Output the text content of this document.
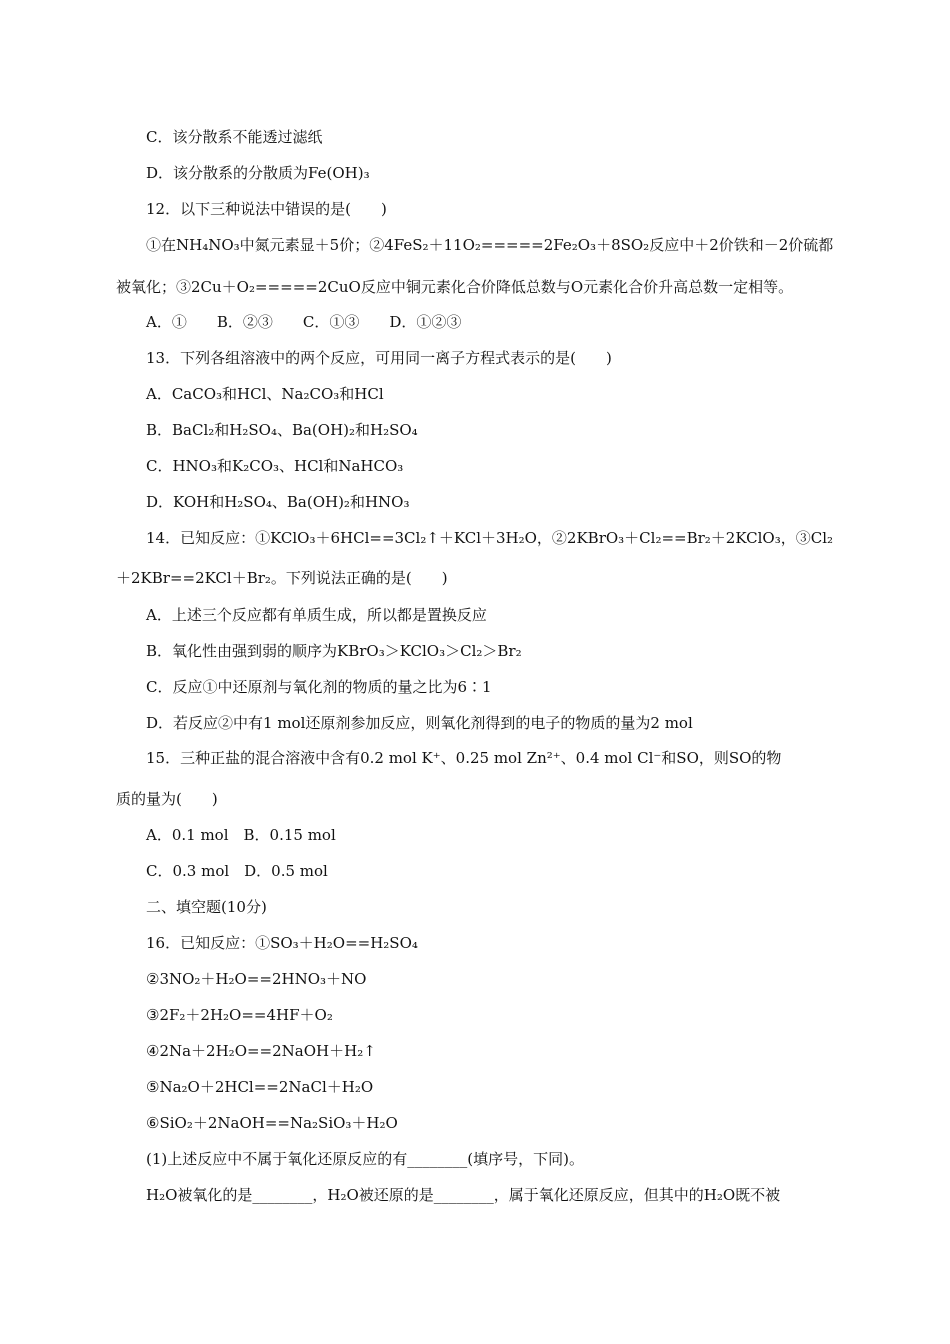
C．该分散系不能透过滤纸
D．该分散系的分散质为Fe(OH)₃
12．以下三种说法中错误的是(　　)
①在NH₄NO₃中氮元素显＋5价；②4FeS₂＋11O₂=====2Fe₂O₃＋8SO₂反应中＋2价铁和－2价硫都
被氧化；③2Cu＋O₂=====2CuO反应中铜元素化合价降低总数与O元素化合价升高总数一定相等。
A．①　　B．②③　　C．①③　　D．①②③
13．下列各组溶液中的两个反应，可用同一离子方程式表示的是(　　)
A．CaCO₃和HCl、Na₂CO₃和HCl
B．BaCl₂和H₂SO₄、Ba(OH)₂和H₂SO₄
C．HNO₃和K₂CO₃、HCl和NaHCO₃
D．KOH和H₂SO₄、Ba(OH)₂和HNO₃
14．已知反应：①KClO₃＋6HCl==3Cl₂↑＋KCl＋3H₂O，②2KBrO₃＋Cl₂==Br₂＋2KClO₃，③Cl₂
＋2KBr==2KCl＋Br₂。下列说法正确的是(　　)
A．上述三个反应都有单质生成，所以都是置换反应
B．氧化性由强到弱的顺序为KBrO₃＞KClO₃＞Cl₂＞Br₂
C．反应①中还原剂与氧化剂的物质的量之比为6∶1
D．若反应②中有1 mol还原剂参加反应，则氧化剂得到的电子的物质的量为2 mol
15．三种正盐的混合溶液中含有0.2 mol K⁺、0.25 mol Zn²⁺、0.4 mol Cl⁻和SO，则SO的物
质的量为(　　)
A．0.1 mol　B．0.15 mol
C．0.3 mol　D．0.5 mol
二、填空题(10分)
16．已知反应：①SO₃＋H₂O==H₂SO₄
②3NO₂＋H₂O==2HNO₃＋NO
③2F₂＋2H₂O==4HF＋O₂
④2Na＋2H₂O==2NaOH＋H₂↑
⑤Na₂O＋2HCl==2NaCl＋H₂O
⑥SiO₂＋2NaOH==Na₂SiO₃＋H₂O
(1)上述反应中不属于氧化还原反应的有________(填序号，下同)。
H₂O被氧化的是________，H₂O被还原的是________，属于氧化还原反应，但其中的H₂O既不被
